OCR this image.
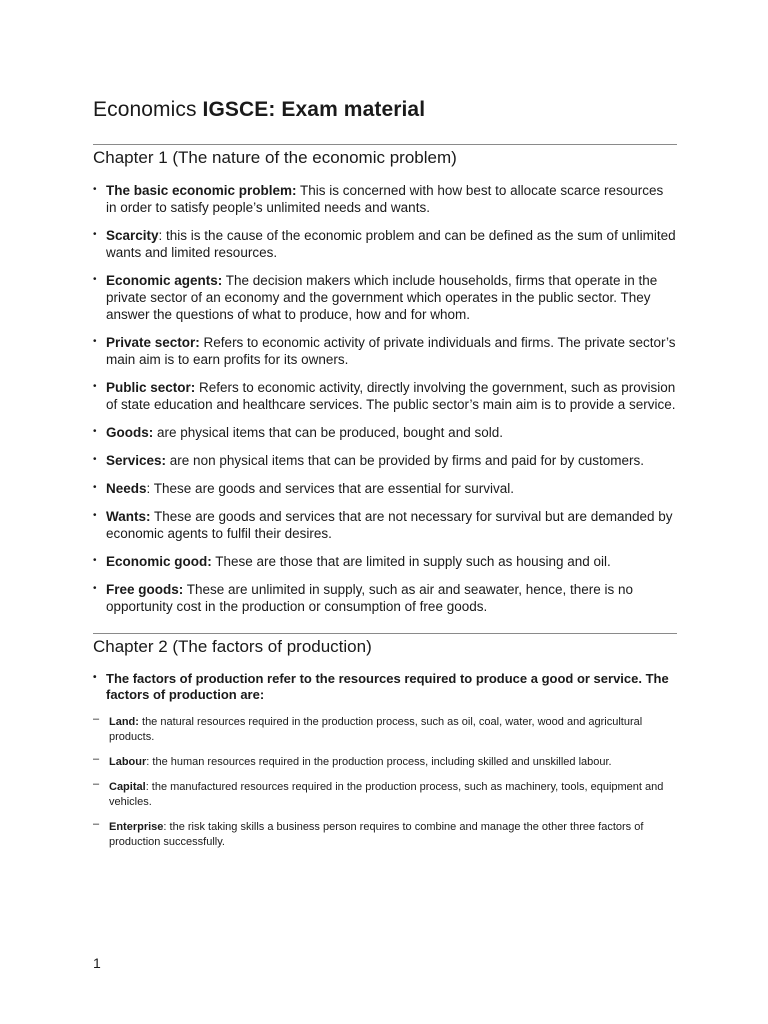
Economics IGSCE: Exam material
Chapter 1 (The nature of the economic problem)
• The basic economic problem: This is concerned with how best to allocate scarce resources in order to satisfy people’s unlimited needs and wants.
• Scarcity: this is the cause of the economic problem and can be defined as the sum of unlimited wants and limited resources.
• Economic agents: The decision makers which include households, firms that operate in the private sector of an economy and the government which operates in the public sector. They answer the questions of what to produce, how and for whom.
• Private sector: Refers to economic activity of private individuals and firms. The private sector’s main aim is to earn profits for its owners.
• Public sector: Refers to economic activity, directly involving the government, such as provision of state education and healthcare services. The public sector’s main aim is to provide a service.
• Goods: are physical items that can be produced, bought and sold.
• Services: are non physical items that can be provided by firms and paid for by customers.
• Needs: These are goods and services that are essential for survival.
• Wants: These are goods and services that are not necessary for survival but are demanded by economic agents to fulfil their desires.
• Economic good: These are those that are limited in supply such as housing and oil.
• Free goods: These are unlimited in supply, such as air and seawater, hence, there is no opportunity cost in the production or consumption of free goods.
Chapter 2 (The factors of production)
• The factors of production refer to the resources required to produce a good or service. The factors of production are:
– Land: the natural resources required in the production process, such as oil, coal, water, wood and agricultural products.
– Labour: the human resources required in the production process, including skilled and unskilled labour.
– Capital: the manufactured resources required in the production process, such as machinery, tools, equipment and vehicles.
– Enterprise: the risk taking skills a business person requires to combine and manage the other three factors of production successfully.
1
